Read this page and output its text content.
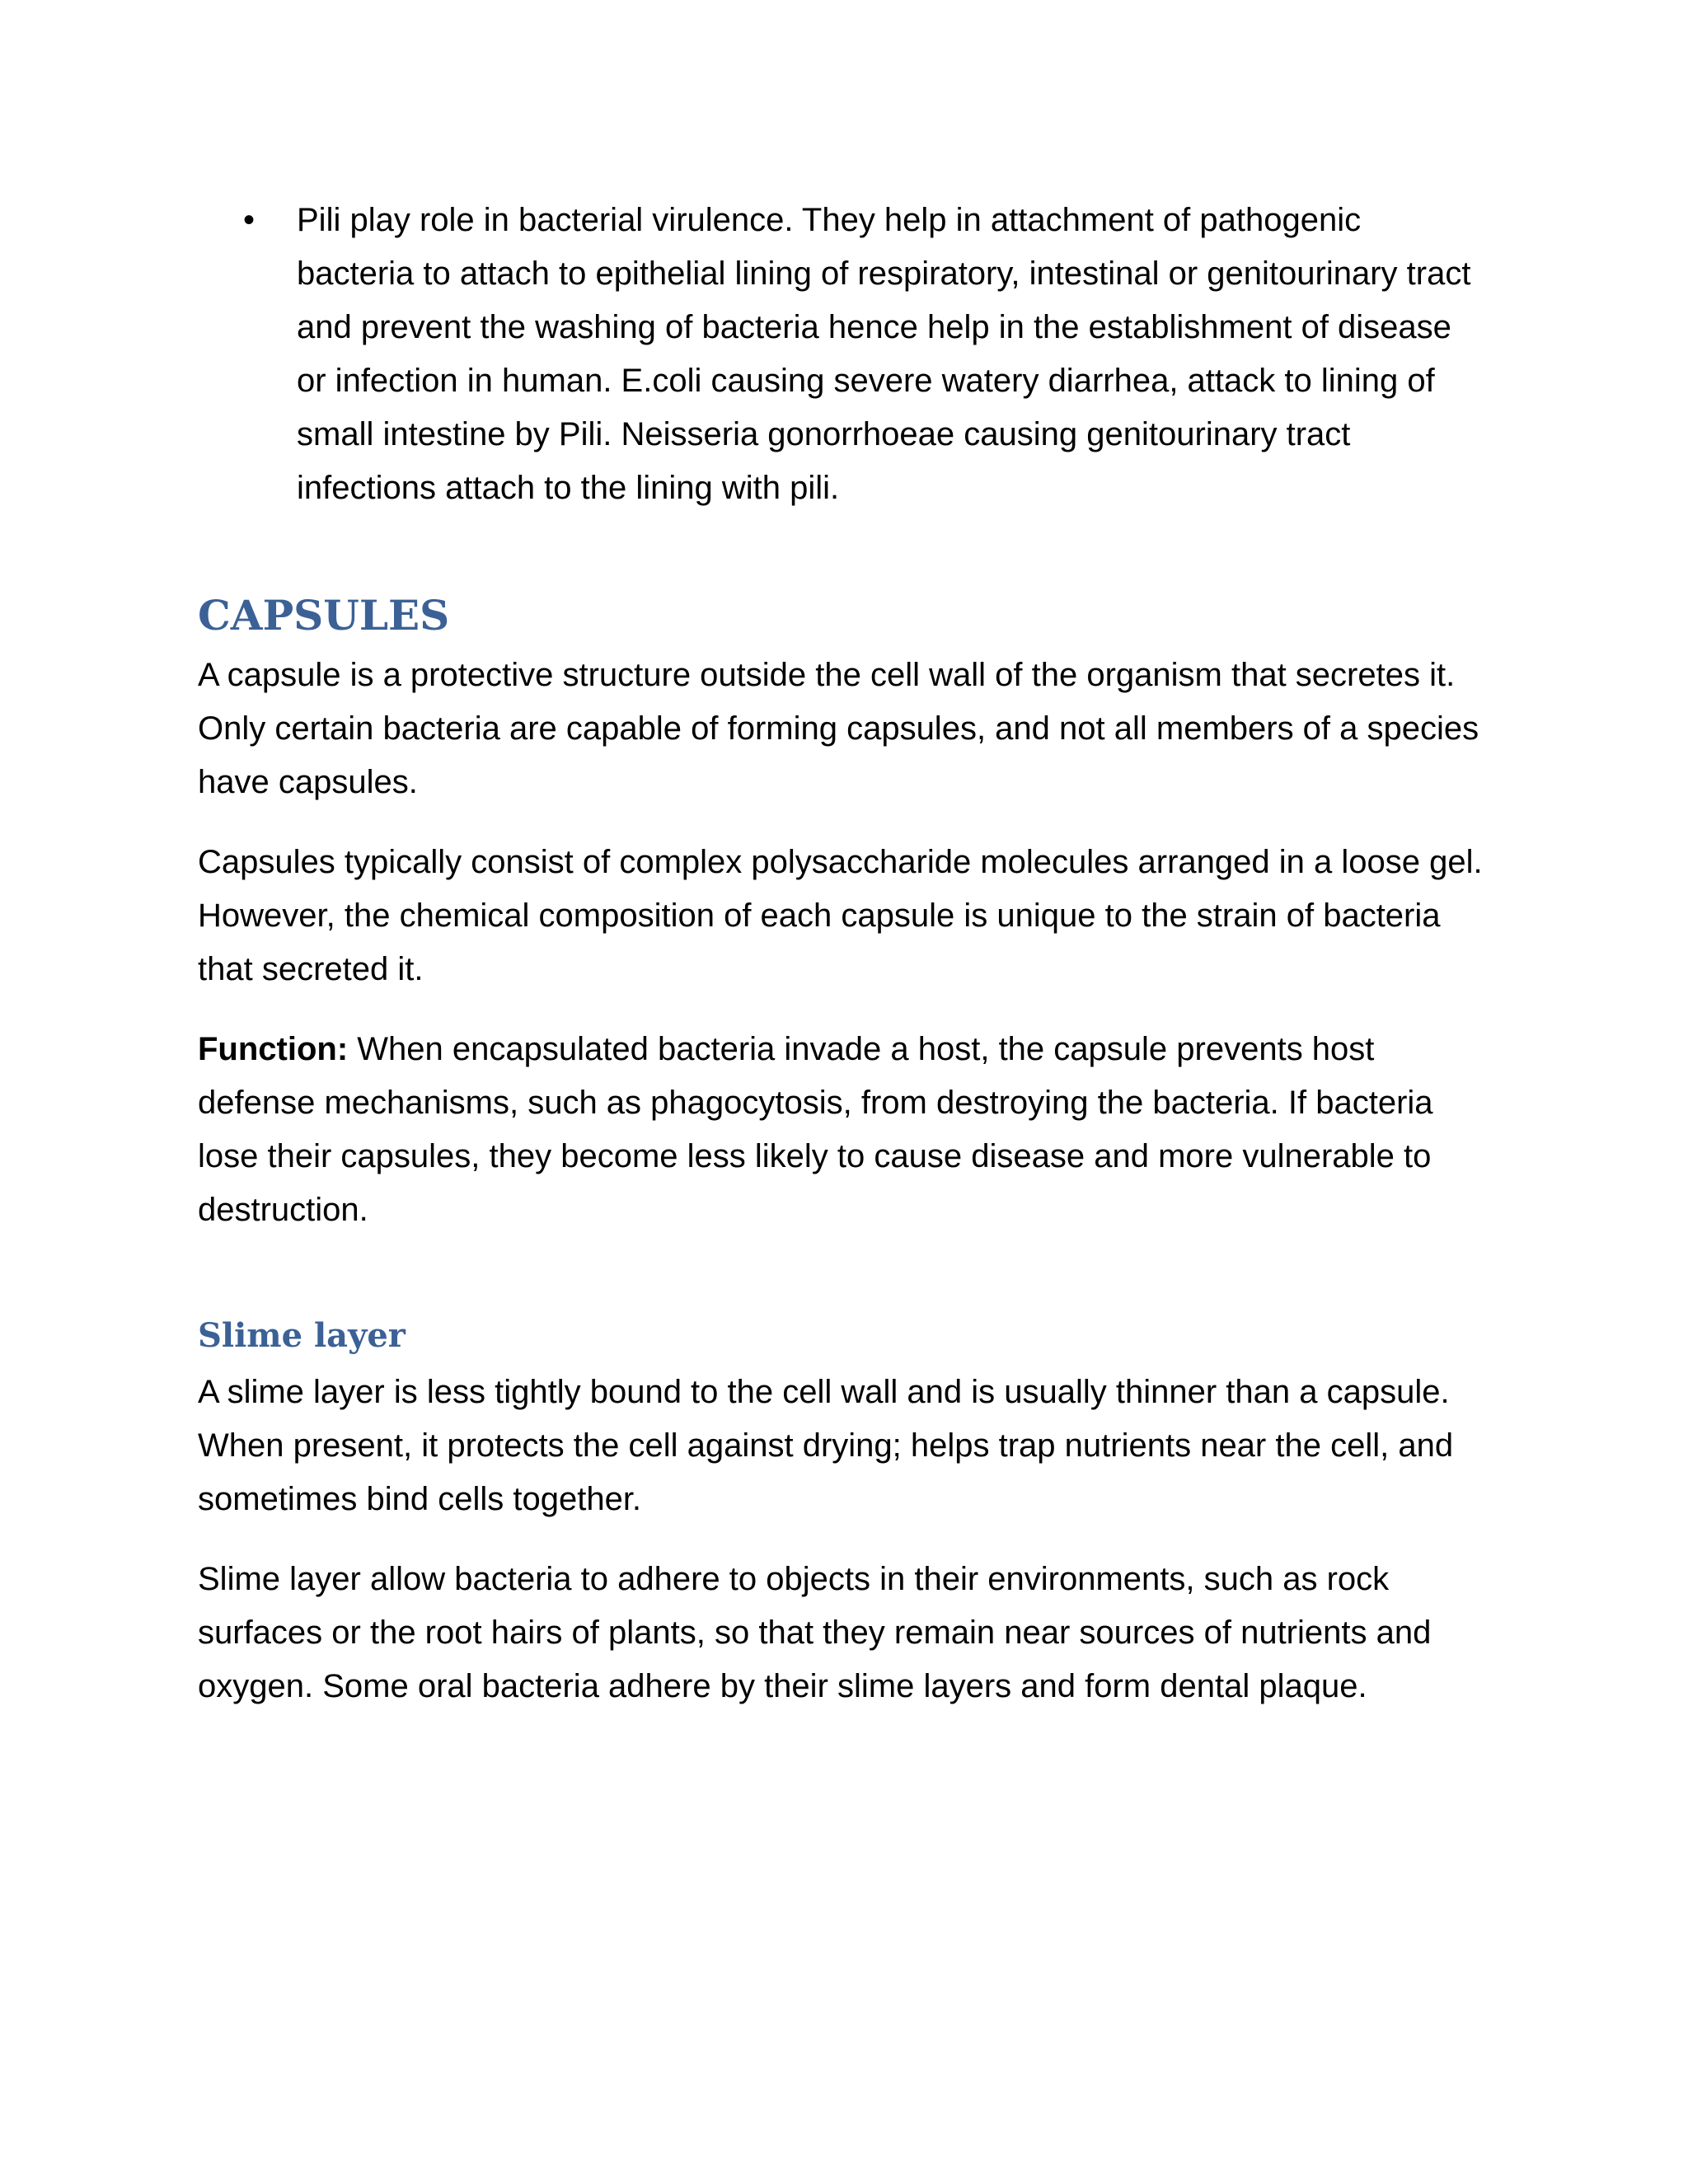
• Pili play role in bacterial virulence. They help in attachment of pathogenic bacteria to attach to epithelial lining of respiratory, intestinal or genitourinary tract and prevent the washing of bacteria hence help in the establishment of disease or infection in human. E.coli causing severe watery diarrhea, attack to lining of small intestine by Pili. Neisseria gonorrhoeae causing genitourinary tract infections attach to the lining with pili.
CAPSULES

A capsule is a protective structure outside the cell wall of the organism that secretes it. Only certain bacteria are capable of forming capsules, and not all members of a species have capsules.

Capsules typically consist of complex polysaccharide molecules arranged in a loose gel. However, the chemical composition of each capsule is unique to the strain of bacteria that secreted it.

Function: When encapsulated bacteria invade a host, the capsule prevents host defense mechanisms, such as phagocytosis, from destroying the bacteria. If bacteria lose their capsules, they become less likely to cause disease and more vulnerable to destruction.

Slime layer

A slime layer is less tightly bound to the cell wall and is usually thinner than a capsule. When present, it protects the cell against drying; helps trap nutrients near the cell, and sometimes bind cells together.

Slime layer allow bacteria to adhere to objects in their environments, such as rock surfaces or the root hairs of plants, so that they remain near sources of nutrients and oxygen. Some oral bacteria adhere by their slime layers and form dental plaque.
